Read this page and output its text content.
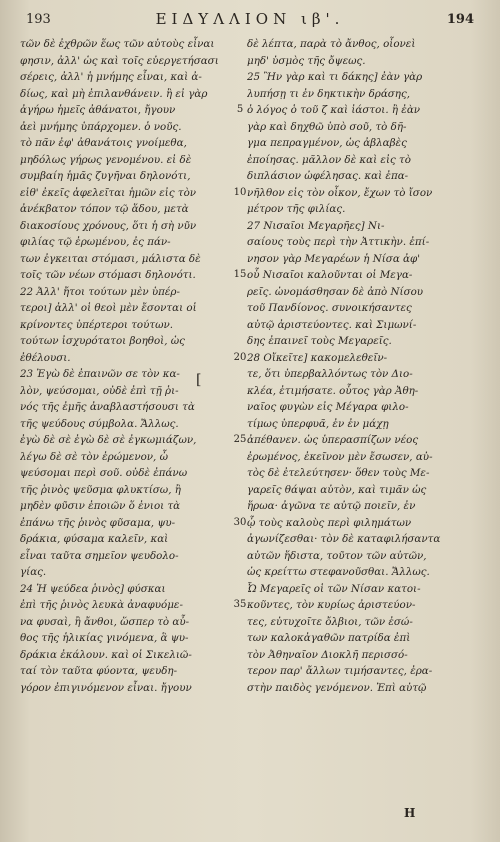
193	ΕΙΔΥΛΛΙΟΝ ιβ'.	194

τῶν δὲ ἐχθρῶν ἕως τῶν αὐτοὺς εἶναι

φησιν, ἀλλ' ὡς καὶ τοῖς εὐεργετήσασι

σέρεις, ἀλλ' ἡ μνήμης εἶναι, καὶ ἀ-

δίως, καὶ μὴ ἐπιλανθάνειν. ἢ εἰ γὰρ

ἀγήρω ἡμεῖς ἀθάνατοι, ἤγουν

ἀεὶ μνήμης ὑπάρχομεν. ὁ νοῦς.

τὸ πᾶν ἐφ' ἀθανάτοις γνοίμεθα,

μηδόλως γήρως γενομένου. εἰ δὲ

συμβαίη ἡμᾶς ζυγῆναι δηλονότι,

εἰθ' ἐκεῖς ἀφελεῖται ἡμῶν εἰς τὸν

ἀνέκβατον τόπον τῷ ἅδου, μετὰ

διακοσίους χρόνους, ὅτι ἡ σὴ νῦν

φιλίας τῷ ἐρωμένου, ἐς πάν-

των ἐγκειται στόμασι, μάλιστα δὲ

τοῖς τῶν νέων στόμασι δηλονότι.

22 Ἀλλ' ἤτοι τούτων μὲν ὑπέρ-

τεροι] ἀλλ' οἱ θεοὶ μὲν ἔσονται οἱ

κρίνοντες ὑπέρτεροι τούτων.

τούτων ἰσχυρότατοι βοηθοὶ, ὡς

ἐθέλουσι.

23 Ἐγὼ δὲ ἐπαινῶν σε τὸν κα-

λὸν, ψεύσομαι, οὐδὲ ἐπὶ τῇ ῥι-

νός τῆς ἐμῆς ἀναβλαστήσουσι τὰ

τῆς ψεύδους σύμβολα. Ἄλλως.

ἐγὼ δὲ σὲ ἐγὼ δὲ σὲ ἐγκωμιάζων,

λέγω δὲ σὲ τὸν ἐρώμενον, ὦ

ψεύσομαι περὶ σοῦ. οὐδὲ ἐπάνω

τῆς ῥινὸς ψεῦσμα φλυκτίσω, ἢ

μηδὲν φῦσιν ἐποιῶν ὅ ἐνιοι τὰ

ἐπάνω τῆς ῥινὸς φῦσαμα, ψυ-

δράκια, φύσαμα καλεῖν, καὶ

εἶναι ταῦτα σημεῖον ψευδολο-

γίας.

24 Ἡ ψεύδεα ῥινὸς] φύσκαι

ἐπὶ τῆς ῥινὸς λευκὰ ἀναφυόμε-

να φυσαὶ, ἢ ἄνθοι, ὥσπερ τὸ αὖ-

θος τῆς ἡλικίας γινόμενα, ἃ ψυ-

δράκια ἐκάλουν. καὶ οἱ Σικελιῶ-

ταί τὸν ταῦτα φύοντα, ψευδη-

γόρον ἐπιγινόμενον εἶναι. ἤγουν

5
10
15
20
25
30
35
[

δὲ λέπτα, παρὰ τὸ ἄνθος, οἷονεὶ

μηδ' ὑσμὸς τῆς ὄψεως.

25 Ἢν γὰρ καὶ τι δάκης] ἐὰν γὰρ

λυπήσῃ τι ἐν δηκτικὴν δράσης,

ὁ λόγος ὁ τοῦ ζ καὶ ἰάστοι. ἢ ἐὰν

γὰρ καὶ δηχθῶ ὑπὸ σοῦ, τὸ δῆ-

γμα πεπραγμένον, ὡς ἀβλαβὲς

ἐποίησας. μᾶλλον δὲ καὶ εἰς τὸ

διπλάσιον ὠφέλησας. καὶ ἐπα-

νῆλθον εἰς τὸν οἶκον, ἔχων τὸ ἴσον

μέτρον τῆς φιλίας.

27 Νισαῖοι Μεγαρῆες] Νι-

σαίους τοὺς περὶ τὴν Ἀττικὴν. ἐπί-

νησον γὰρ Μεγαρέων ἡ Νίσα ἀφ'

οὗ Νισαῖοι καλοῦνται οἱ Μεγα-

ρεῖς. ὠνομάσθησαν δὲ ἀπὸ Νίσου

τοῦ Πανδίονος. συνοικήσαντες

αὐτῷ ἀριστεύοντες. καὶ Σιμωνί-

δης ἐπαινεῖ τοὺς Μεγαρεῖς.

28 Οἴκεῖτε] κακομελεθεῖν-

τε, ὅτι ὑπερβαλλόντως τὸν Διο-

κλέα, ἐτιμήσατε. οὗτος γὰρ Ἀθη-

ναῖος φυγὼν εἰς Μέγαρα φιλο-

τίμως ὑπερφυᾶ, ἐν ἐν μάχῃ

ἀπέθανεν. ὡς ὑπερασπίζων νέος

ἐρωμένος, ἐκεῖνον μὲν ἔσωσεν, αὐ-

τὸς δὲ ἐτελεύτησεν· ὅθεν τοὺς Με-

γαρεῖς θάψαι αὐτὸν, καὶ τιμᾶν ὡς

ἥρωα· ἀγῶνα τε αὐτῷ ποιεῖν, ἐν

ᾧ τοὺς καλοὺς περὶ φιλημάτων

ἀγωνίζεσθαι· τὸν δὲ καταφιλήσαντα

αὐτῶν ἥδιστα, τοῦτον τῶν αὐτῶν,

ὡς κρείττω στεφανοῦσθαι. Ἄλλως.

Ὦ Μεγαρεῖς οἱ τῶν Νίσαν κατοι-

κοῦντες, τὸν κυρίως ἀριστεύον-

τες, εὐτυχοῖτε ὄλβιοι, τῶν ἐσώ-

των καλοκἀγαθῶν πατρίδα ἐπὶ

τὸν Ἀθηναῖον Διοκλῆ περισσό-

τερον παρ' ἄλλων τιμήσαντες, ἐρα-

στὴν παιδὸς γενόμενον. Ἐπὶ αὐτῷ

H
